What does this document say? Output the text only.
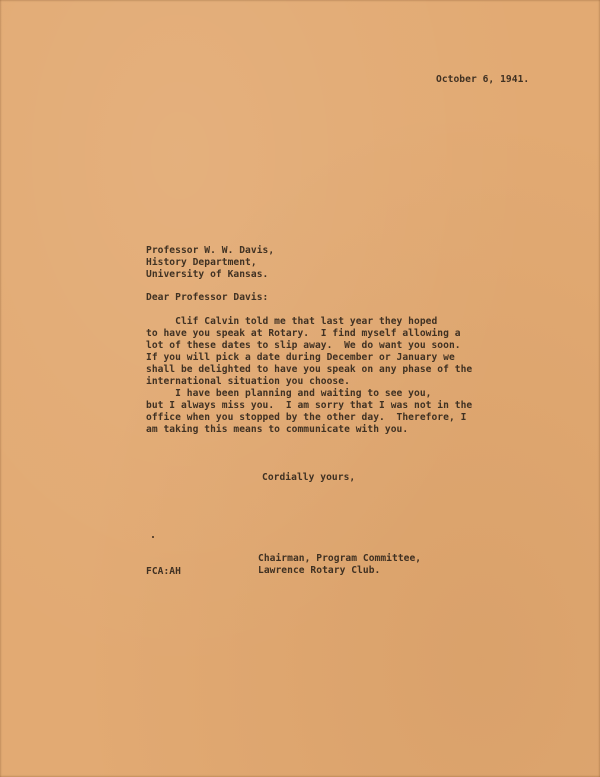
October 6, 1941.
Professor W. W. Davis,
History Department,
University of Kansas.
Dear Professor Davis:
Clif Calvin told me that last year they hoped
to have you speak at Rotary.  I find myself allowing a
lot of these dates to slip away.  We do want you soon.
If you will pick a date during December or January we
shall be delighted to have you speak on any phase of the
international situation you choose.
I have been planning and waiting to see you,
but I always miss you.  I am sorry that I was not in the
office when you stopped by the other day.  Therefore, I
am taking this means to communicate with you.
Cordially yours,
Chairman, Program Committee,
Lawrence Rotary Club.
FCA:AH
